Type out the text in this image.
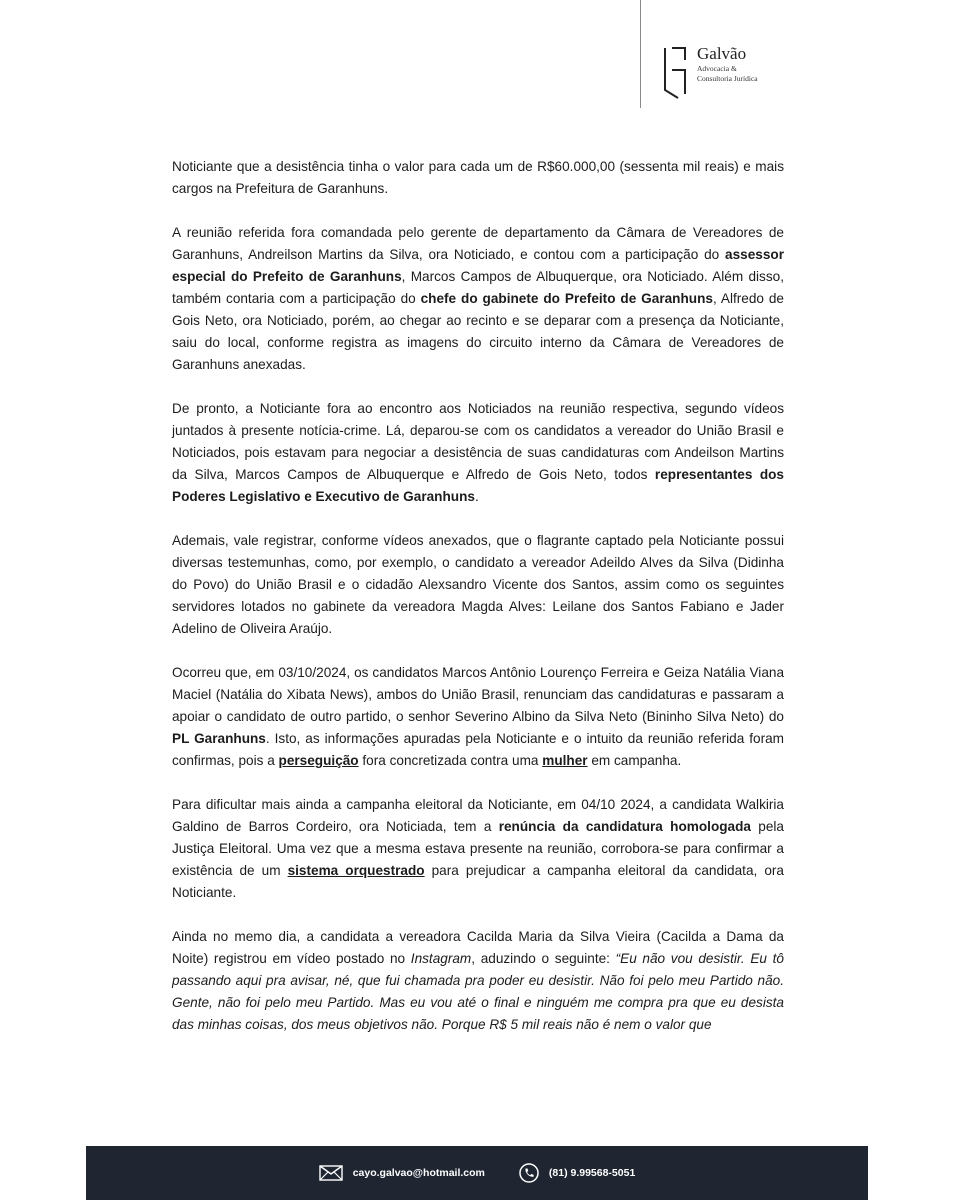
Galvão
Advocacia &
Consultoria Jurídica

Noticiante que a desistência tinha o valor para cada um de R$60.000,00 (sessenta mil reais) e mais cargos na Prefeitura de Garanhuns.

A reunião referida fora comandada pelo gerente de departamento da Câmara de Vereadores de Garanhuns, Andreilson Martins da Silva, ora Noticiado, e contou com a participação do assessor especial do Prefeito de Garanhuns, Marcos Campos de Albuquerque, ora Noticiado. Além disso, também contaria com a participação do chefe do gabinete do Prefeito de Garanhuns, Alfredo de Gois Neto, ora Noticiado, porém, ao chegar ao recinto e se deparar com a presença da Noticiante, saiu do local, conforme registra as imagens do circuito interno da Câmara de Vereadores de Garanhuns anexadas.

De pronto, a Noticiante fora ao encontro aos Noticiados na reunião respectiva, segundo vídeos juntados à presente notícia-crime. Lá, deparou-se com os candidatos a vereador do União Brasil e Noticiados, pois estavam para negociar a desistência de suas candidaturas com Andeilson Martins da Silva, Marcos Campos de Albuquerque e Alfredo de Gois Neto, todos representantes dos Poderes Legislativo e Executivo de Garanhuns.

Ademais, vale registrar, conforme vídeos anexados, que o flagrante captado pela Noticiante possui diversas testemunhas, como, por exemplo, o candidato a vereador Adeildo Alves da Silva (Didinha do Povo) do União Brasil e o cidadão Alexsandro Vicente dos Santos, assim como os seguintes servidores lotados no gabinete da vereadora Magda Alves: Leilane dos Santos Fabiano e Jader Adelino de Oliveira Araújo.

Ocorreu que, em 03/10/2024, os candidatos Marcos Antônio Lourenço Ferreira e Geiza Natália Viana Maciel (Natália do Xibata News), ambos do União Brasil, renunciam das candidaturas e passaram a apoiar o candidato de outro partido, o senhor Severino Albino da Silva Neto (Bininho Silva Neto) do PL Garanhuns. Isto, as informações apuradas pela Noticiante e o intuito da reunião referida foram confirmas, pois a perseguição fora concretizada contra uma mulher em campanha.

Para dificultar mais ainda a campanha eleitoral da Noticiante, em 04/10 2024, a candidata Walkiria Galdino de Barros Cordeiro, ora Noticiada, tem a renúncia da candidatura homologada pela Justiça Eleitoral. Uma vez que a mesma estava presente na reunião, corrobora-se para confirmar a existência de um sistema orquestrado para prejudicar a campanha eleitoral da candidata, ora Noticiante.

Ainda no memo dia, a candidata a vereadora Cacilda Maria da Silva Vieira (Cacilda a Dama da Noite) registrou em vídeo postado no Instagram, aduzindo o seguinte: “Eu não vou desistir. Eu tô passando aqui pra avisar, né, que fui chamada pra poder eu desistir. Não foi pelo meu Partido não. Gente, não foi pelo meu Partido. Mas eu vou até o final e ninguém me compra pra que eu desista das minhas coisas, dos meus objetivos não. Porque R$ 5 mil reais não é nem o valor que

cayo.galvao@hotmail.com	(81) 9.99568-5051
